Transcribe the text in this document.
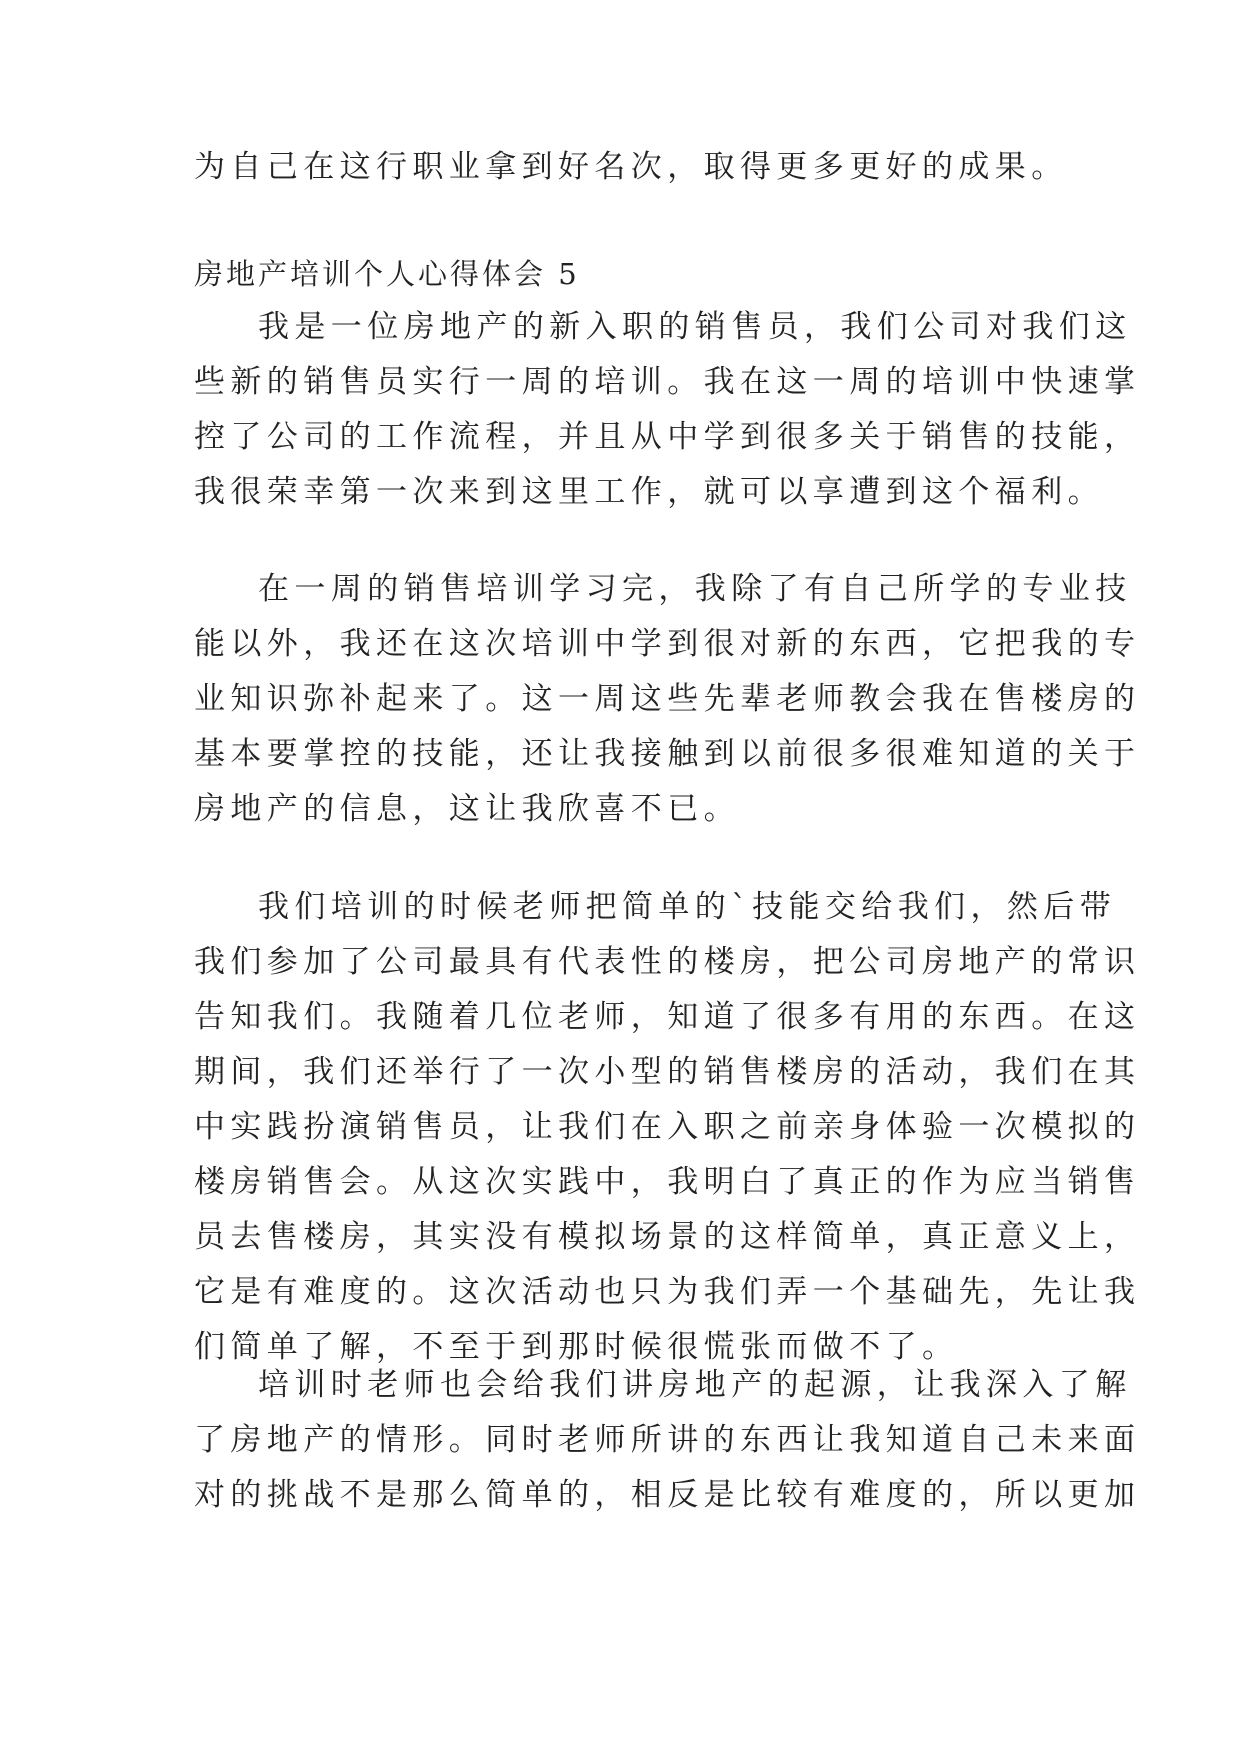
为自己在这行职业拿到好名次，取得更多更好的成果。

房地产培训个人心得体会 5

我是一位房地产的新入职的销售员，我们公司对我们这
些新的销售员实行一周的培训。我在这一周的培训中快速掌
控了公司的工作流程，并且从中学到很多关于销售的技能，
我很荣幸第一次来到这里工作，就可以享遭到这个福利。
在一周的销售培训学习完，我除了有自己所学的专业技
能以外，我还在这次培训中学到很对新的东西，它把我的专
业知识弥补起来了。这一周这些先辈老师教会我在售楼房的
基本要掌控的技能，还让我接触到以前很多很难知道的关于
房地产的信息，这让我欣喜不已。
我们培训的时候老师把简单的`技能交给我们，然后带
我们参加了公司最具有代表性的楼房，把公司房地产的常识
告知我们。我随着几位老师，知道了很多有用的东西。在这
期间，我们还举行了一次小型的销售楼房的活动，我们在其
中实践扮演销售员，让我们在入职之前亲身体验一次模拟的
楼房销售会。从这次实践中，我明白了真正的作为应当销售
员去售楼房，其实没有模拟场景的这样简单，真正意义上，
它是有难度的。这次活动也只为我们弄一个基础先，先让我
们简单了解，不至于到那时候很慌张而做不了。
培训时老师也会给我们讲房地产的起源，让我深入了解
了房地产的情形。同时老师所讲的东西让我知道自己未来面
对的挑战不是那么简单的，相反是比较有难度的，所以更加
